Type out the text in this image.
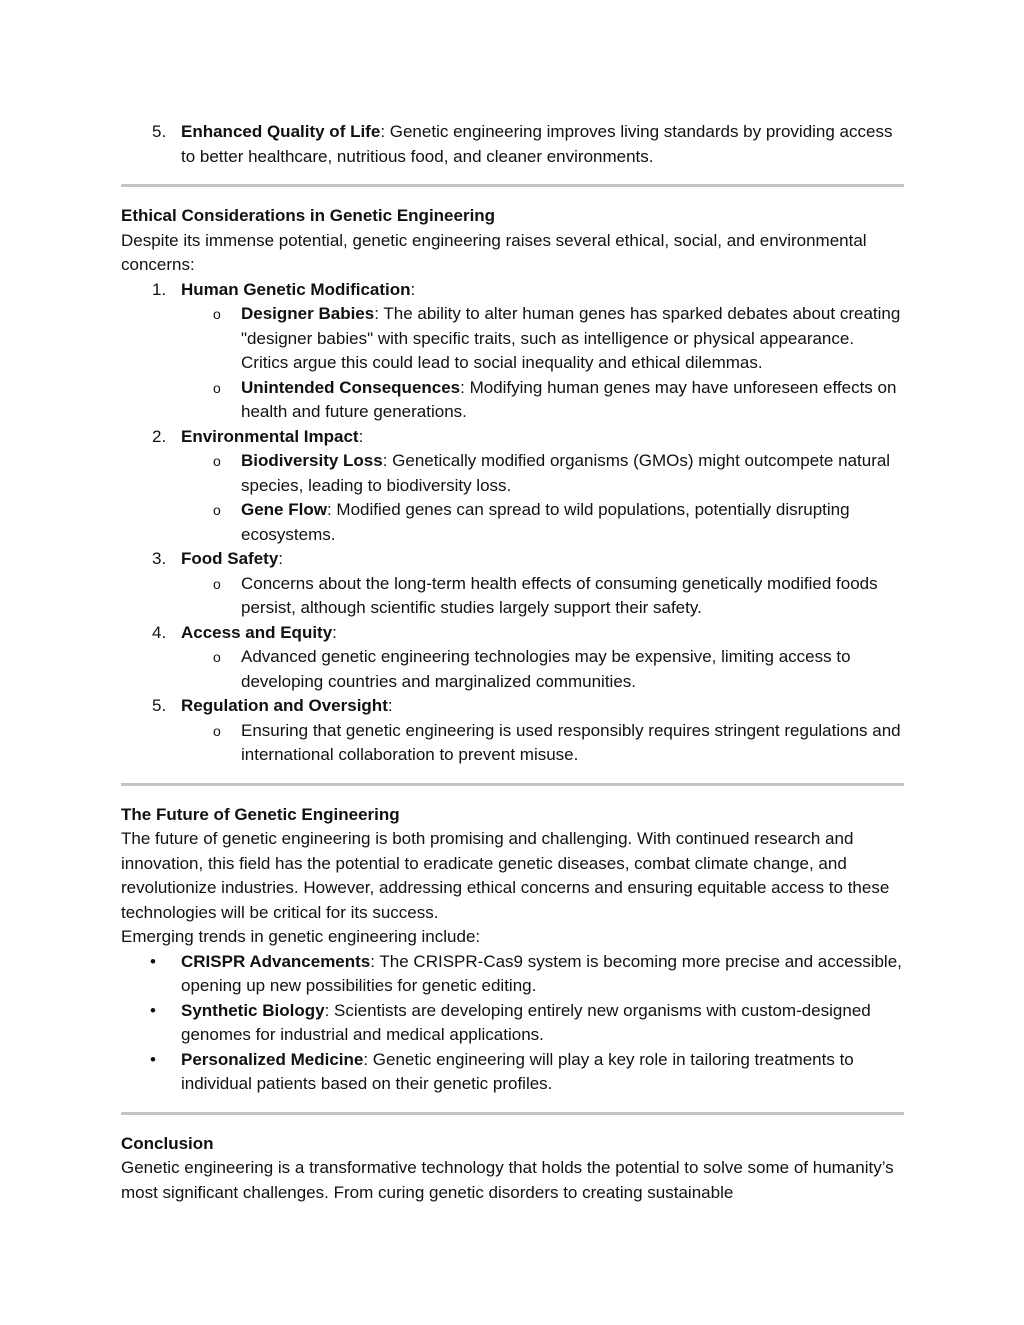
5. Enhanced Quality of Life: Genetic engineering improves living standards by providing access to better healthcare, nutritious food, and cleaner environments.
Ethical Considerations in Genetic Engineering
Despite its immense potential, genetic engineering raises several ethical, social, and environmental concerns:
1. Human Genetic Modification:
o Designer Babies: The ability to alter human genes has sparked debates about creating "designer babies" with specific traits, such as intelligence or physical appearance. Critics argue this could lead to social inequality and ethical dilemmas.
o Unintended Consequences: Modifying human genes may have unforeseen effects on health and future generations.
2. Environmental Impact:
o Biodiversity Loss: Genetically modified organisms (GMOs) might outcompete natural species, leading to biodiversity loss.
o Gene Flow: Modified genes can spread to wild populations, potentially disrupting ecosystems.
3. Food Safety:
o Concerns about the long-term health effects of consuming genetically modified foods persist, although scientific studies largely support their safety.
4. Access and Equity:
o Advanced genetic engineering technologies may be expensive, limiting access to developing countries and marginalized communities.
5. Regulation and Oversight:
o Ensuring that genetic engineering is used responsibly requires stringent regulations and international collaboration to prevent misuse.
The Future of Genetic Engineering
The future of genetic engineering is both promising and challenging. With continued research and innovation, this field has the potential to eradicate genetic diseases, combat climate change, and revolutionize industries. However, addressing ethical concerns and ensuring equitable access to these technologies will be critical for its success.
Emerging trends in genetic engineering include:
• CRISPR Advancements: The CRISPR-Cas9 system is becoming more precise and accessible, opening up new possibilities for genetic editing.
• Synthetic Biology: Scientists are developing entirely new organisms with custom-designed genomes for industrial and medical applications.
• Personalized Medicine: Genetic engineering will play a key role in tailoring treatments to individual patients based on their genetic profiles.
Conclusion
Genetic engineering is a transformative technology that holds the potential to solve some of humanity’s most significant challenges. From curing genetic disorders to creating sustainable
